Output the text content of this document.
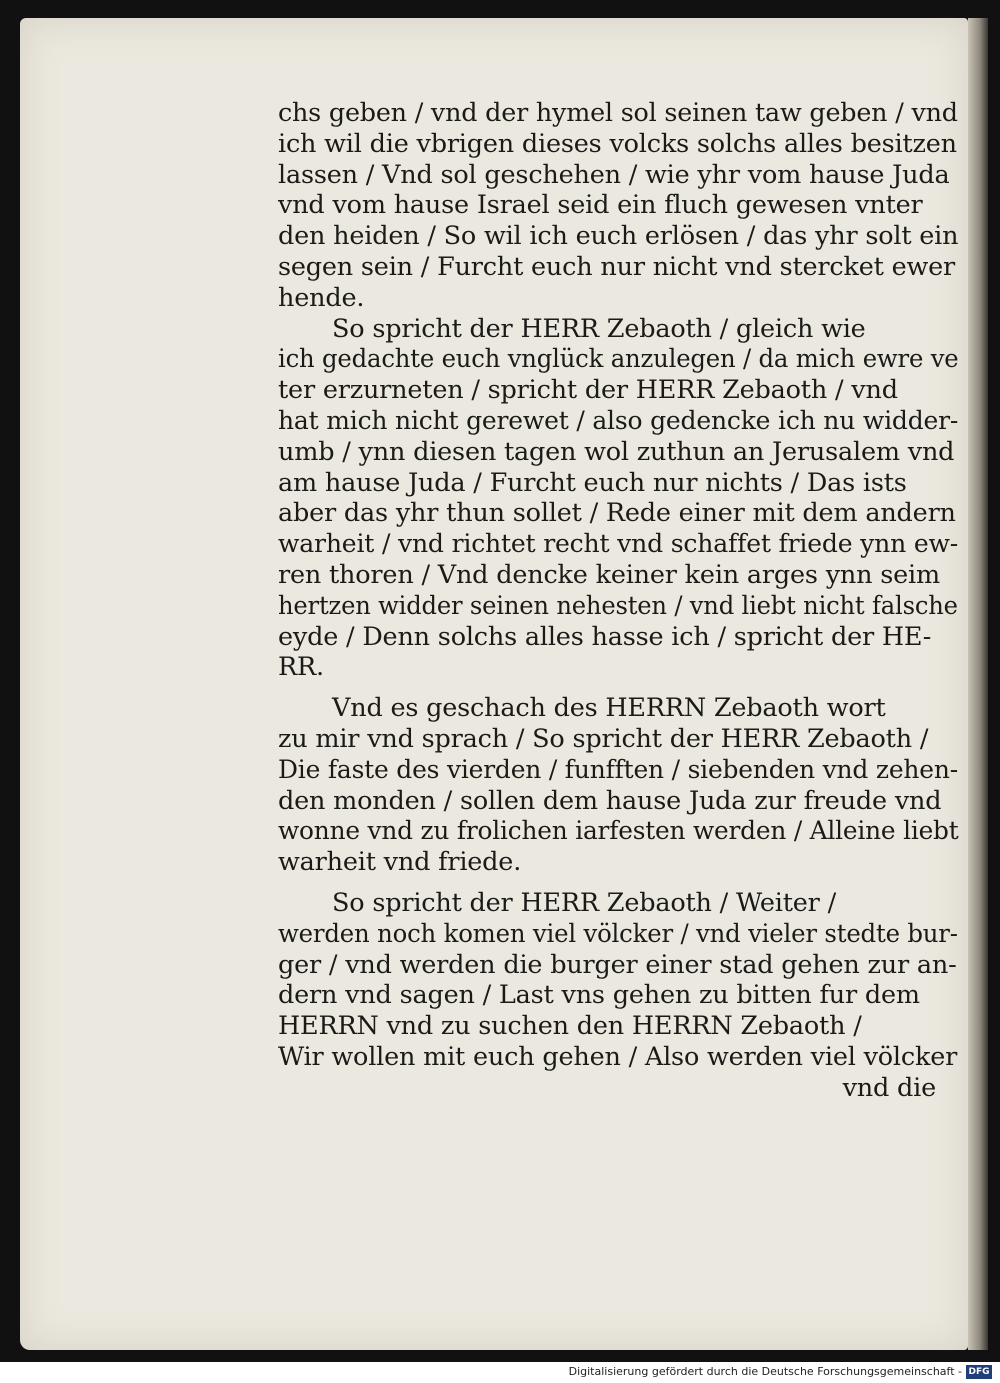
chs geben / vnd der hymel sol seinen taw geben / vnd
ich wil die vbrigen dieses volcks solchs alles besitzen
lassen / Vnd sol geschehen / wie yhr vom hause Juda
vnd vom hause Israel seid ein fluch gewesen vnter
den heiden / So wil ich euch erlösen / das yhr solt ein
segen sein / Furcht euch nur nicht vnd stercket ewer
hende.
So spricht der HERR Zebaoth / gleich wie
ich gedachte euch vnglück anzulegen / da mich ewre ve
ter erzurneten / spricht der HERR Zebaoth / vnd
hat mich nicht gerewet / also gedencke ich nu widder-
umb / ynn diesen tagen wol zuthun an Jerusalem vnd
am hause Juda / Furcht euch nur nichts / Das ists
aber das yhr thun sollet / Rede einer mit dem andern
warheit / vnd richtet recht vnd schaffet friede ynn ew-
ren thoren / Vnd dencke keiner kein arges ynn seim
hertzen widder seinen nehesten / vnd liebt nicht falsche
eyde / Denn solchs alles hasse ich / spricht der HE-
RR.
Vnd es geschach des HERRN Zebaoth wort
zu mir vnd sprach / So spricht der HERR Zebaoth /
Die faste des vierden / funfften / siebenden vnd zehen-
den monden / sollen dem hause Juda zur freude vnd
wonne vnd zu frolichen iarfesten werden / Alleine liebt
warheit vnd friede.
So spricht der HERR Zebaoth / Weiter /
werden noch komen viel völcker / vnd vieler stedte bur-
ger / vnd werden die burger einer stad gehen zur an-
dern vnd sagen / Last vns gehen zu bitten fur dem
HERRN vnd zu suchen den HERRN Zebaoth /
Wir wollen mit euch gehen / Also werden viel völcker
vnd die
Digitalisierung gefördert durch die Deutsche Forschungsgemeinschaft - DFG
